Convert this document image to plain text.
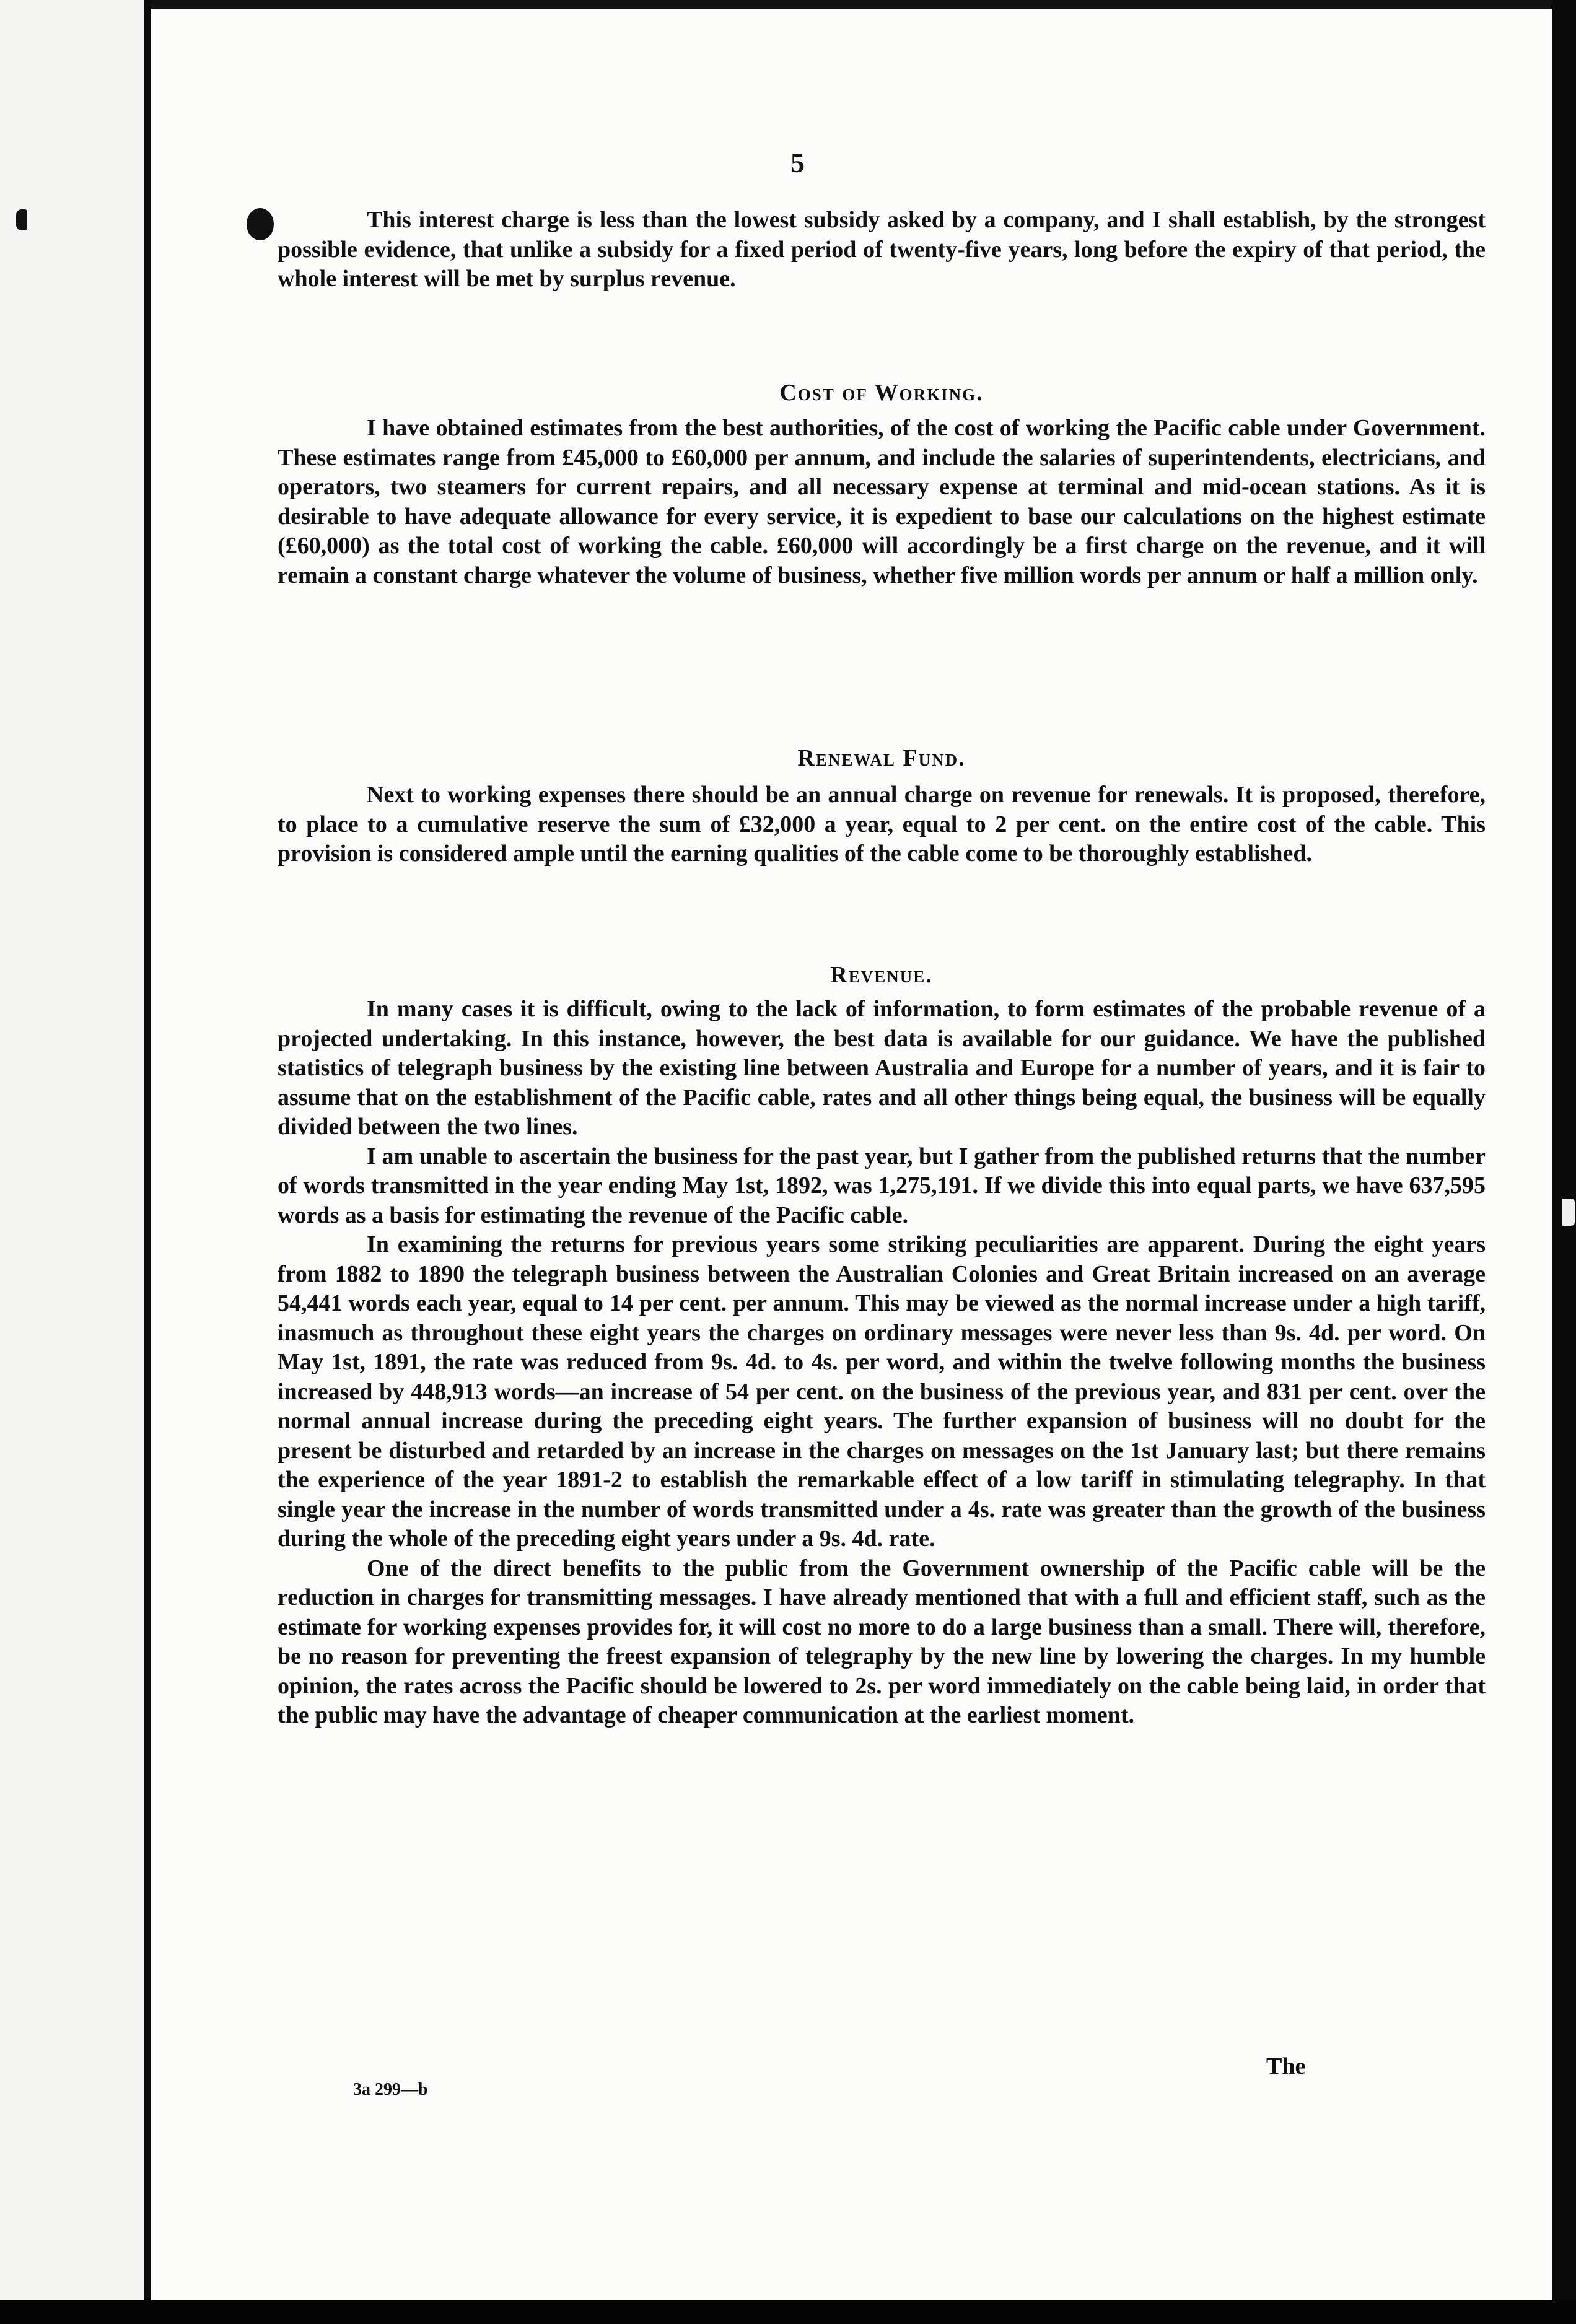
5

This interest charge is less than the lowest subsidy asked by a company, and I shall establish, by the strongest possible evidence, that unlike a subsidy for a fixed period of twenty-five years, long before the expiry of that period, the whole interest will be met by surplus revenue.

Cost of Working.

I have obtained estimates from the best authorities, of the cost of working the Pacific cable under Government. These estimates range from £45,000 to £60,000 per annum, and include the salaries of superintendents, electricians, and operators, two steamers for current repairs, and all necessary expense at terminal and mid-ocean stations. As it is desirable to have adequate allowance for every service, it is expedient to base our calculations on the highest estimate (£60,000) as the total cost of working the cable. £60,000 will accordingly be a first charge on the revenue, and it will remain a constant charge whatever the volume of business, whether five million words per annum or half a million only.

Renewal Fund.

Next to working expenses there should be an annual charge on revenue for renewals. It is proposed, therefore, to place to a cumulative reserve the sum of £32,000 a year, equal to 2 per cent. on the entire cost of the cable. This provision is considered ample until the earning qualities of the cable come to be thoroughly established.

Revenue.

In many cases it is difficult, owing to the lack of information, to form estimates of the probable revenue of a projected undertaking. In this instance, however, the best data is available for our guidance. We have the published statistics of telegraph business by the existing line between Australia and Europe for a number of years, and it is fair to assume that on the establishment of the Pacific cable, rates and all other things being equal, the business will be equally divided between the two lines.

I am unable to ascertain the business for the past year, but I gather from the published returns that the number of words transmitted in the year ending May 1st, 1892, was 1,275,191. If we divide this into equal parts, we have 637,595 words as a basis for estimating the revenue of the Pacific cable.

In examining the returns for previous years some striking peculiarities are apparent. During the eight years from 1882 to 1890 the telegraph business between the Australian Colonies and Great Britain increased on an average 54,441 words each year, equal to 14 per cent. per annum. This may be viewed as the normal increase under a high tariff, inasmuch as throughout these eight years the charges on ordinary messages were never less than 9s. 4d. per word. On May 1st, 1891, the rate was reduced from 9s. 4d. to 4s. per word, and within the twelve following months the business increased by 448,913 words—an increase of 54 per cent. on the business of the previous year, and 831 per cent. over the normal annual increase during the preceding eight years. The further expansion of business will no doubt for the present be disturbed and retarded by an increase in the charges on messages on the 1st January last; but there remains the experience of the year 1891-2 to establish the remarkable effect of a low tariff in stimulating telegraphy. In that single year the increase in the number of words transmitted under a 4s. rate was greater than the growth of the business during the whole of the preceding eight years under a 9s. 4d. rate.

One of the direct benefits to the public from the Government ownership of the Pacific cable will be the reduction in charges for transmitting messages. I have already mentioned that with a full and efficient staff, such as the estimate for working expenses provides for, it will cost no more to do a large business than a small. There will, therefore, be no reason for preventing the freest expansion of telegraphy by the new line by lowering the charges. In my humble opinion, the rates across the Pacific should be lowered to 2s. per word immediately on the cable being laid, in order that the public may have the advantage of cheaper communication at the earliest moment.

The
3a 299—b
